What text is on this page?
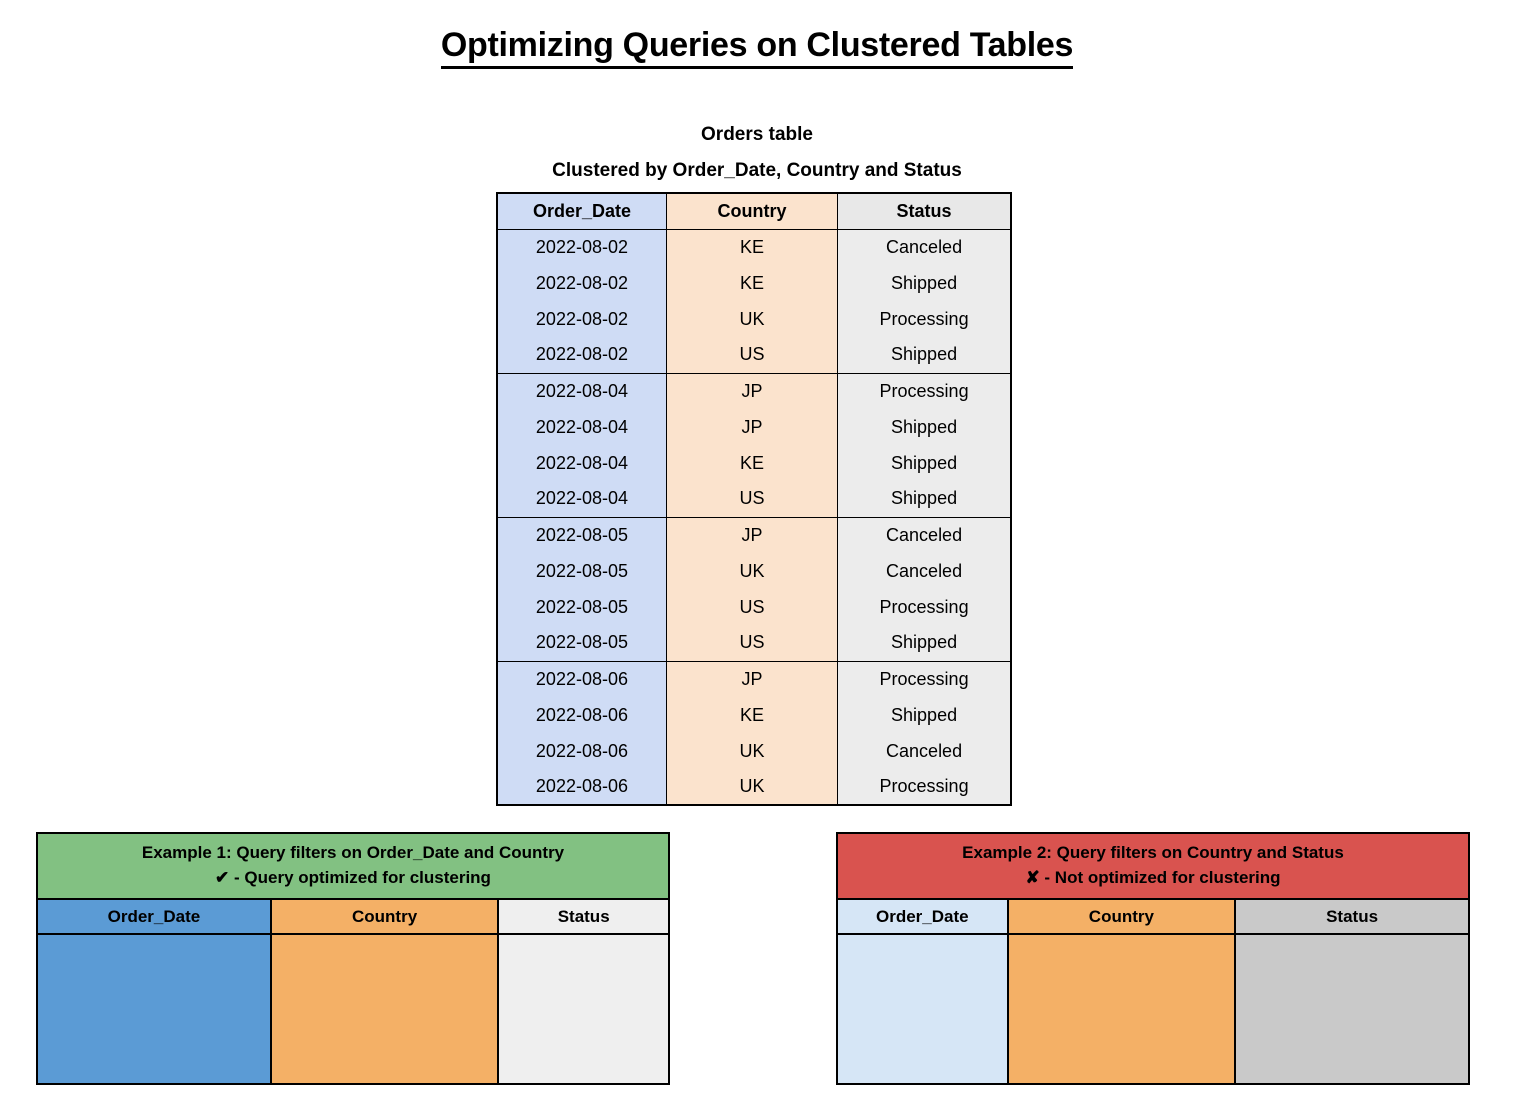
Optimizing Queries on Clustered Tables
Orders table
Clustered by Order_Date, Country and Status
Order_Date	Country	Status
2022-08-02	KE	Canceled
2022-08-02	KE	Shipped
2022-08-02	UK	Processing
2022-08-02	US	Shipped
2022-08-04	JP	Processing
2022-08-04	JP	Shipped
2022-08-04	KE	Shipped
2022-08-04	US	Shipped
2022-08-05	JP	Canceled
2022-08-05	UK	Canceled
2022-08-05	US	Processing
2022-08-05	US	Shipped
2022-08-06	JP	Processing
2022-08-06	KE	Shipped
2022-08-06	UK	Canceled
2022-08-06	UK	Processing
Example 1: Query filters on Order_Date and Country
✔ - Query optimized for clustering
Order_Date	Country	Status

Example 2: Query filters on Country and Status
✘ - Not optimized for clustering
Order_Date	Country	Status
